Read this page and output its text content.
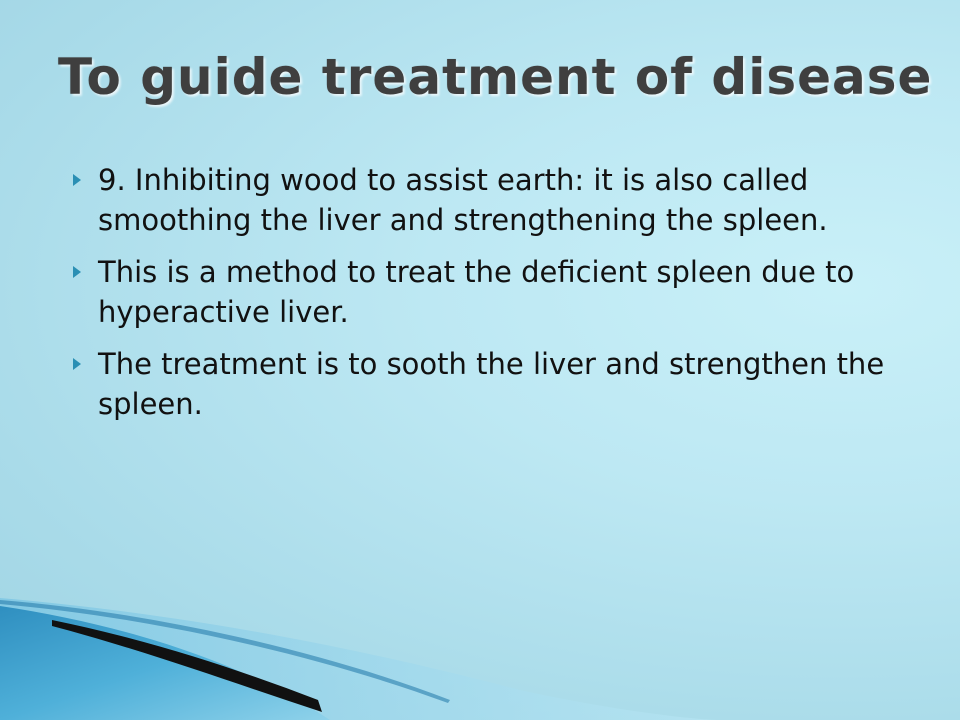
To guide treatment of disease
9. Inhibiting wood to assist earth: it is also called smoothing the liver and strengthening the spleen.
This is a method to treat the deficient spleen due to hyperactive liver.
The treatment is to sooth the liver and strengthen the spleen.
